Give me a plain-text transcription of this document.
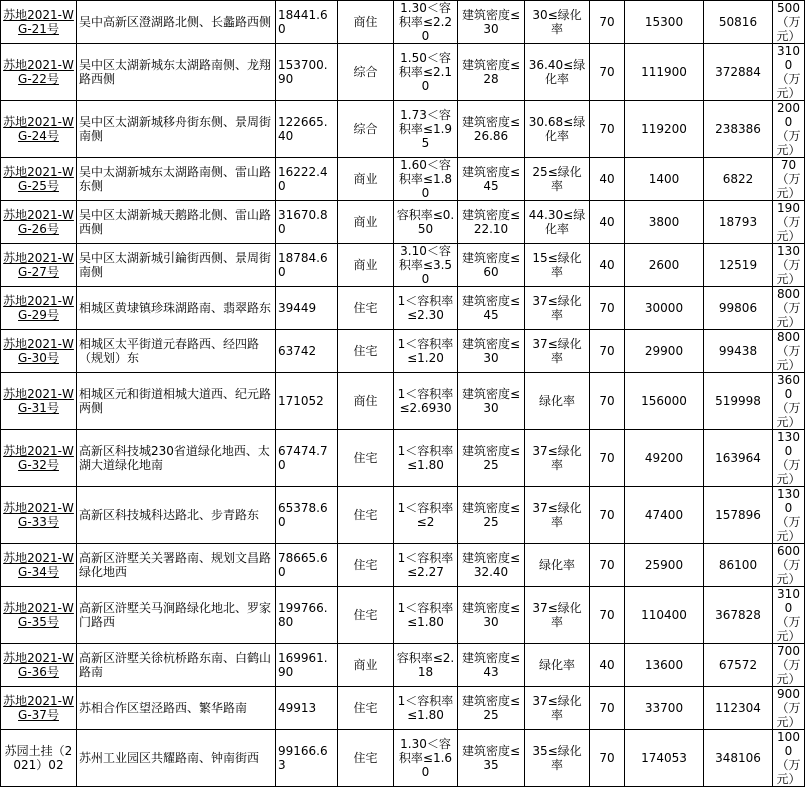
苏地2021-WG-21号	吴中高新区澄湖路北侧、长蠡路西侧	18441.60	商住	1.30＜容积率≤2.20	建筑密度≤30	30≤绿化率	70	15300	50816	500（万元）
苏地2021-WG-22号	吴中区太湖新城东太湖路南侧、龙翔路西侧	153700.90	综合	1.50＜容积率≤2.10	建筑密度≤28	36.40≤绿化率	70	111900	372884	3100（万元）
苏地2021-WG-24号	吴中区太湖新城移舟街东侧、景周街南侧	122665.40	综合	1.73＜容积率≤1.95	建筑密度≤26.86	30.68≤绿化率	70	119200	238386	2000（万元）
苏地2021-WG-25号	吴中太湖新城东太湖路南侧、雷山路东侧	16222.40	商业	1.60＜容积率≤1.80	建筑密度≤45	25≤绿化率	40	1400	6822	70（万元）
苏地2021-WG-26号	吴中区太湖新城天鹅路北侧、雷山路西侧	31670.80	商业	容积率≤0.50	建筑密度≤22.10	44.30≤绿化率	40	3800	18793	190（万元）
苏地2021-WG-27号	吴中区太湖新城引錀街西侧、景周街南侧	18784.60	商业	3.10＜容积率≤3.50	建筑密度≤60	15≤绿化率	40	2600	12519	130（万元）
苏地2021-WG-29号	相城区黄埭镇珍珠湖路南、翡翠路东	39449	住宅	1＜容积率≤2.30	建筑密度≤45	37≤绿化率	70	30000	99806	800（万元）
苏地2021-WG-30号	相城区太平街道元春路西、经四路（规划）东	63742	住宅	1＜容积率≤1.20	建筑密度≤30	37≤绿化率	70	29900	99438	800（万元）
苏地2021-WG-31号	相城区元和街道相城大道西、纪元路两侧	171052	商住	1＜容积率≤2.6930	建筑密度≤30	绿化率	70	156000	519998	3600（万元）
苏地2021-WG-32号	高新区科技城230省道绿化地西、太湖大道绿化地南	67474.70	住宅	1＜容积率≤1.80	建筑密度≤25	37≤绿化率	70	49200	163964	1300（万元）
苏地2021-WG-33号	高新区科技城科达路北、步青路东	65378.60	住宅	1＜容积率≤2	建筑密度≤25	37≤绿化率	70	47400	157896	1300（万元）
苏地2021-WG-34号	高新区浒墅关关署路南、规划文昌路绿化地西	78665.60	住宅	1＜容积率≤2.27	建筑密度≤32.40	绿化率	70	25900	86100	600（万元）
苏地2021-WG-35号	高新区浒墅关马涧路绿化地北、罗家门路西	199766.80	住宅	1＜容积率≤1.80	建筑密度≤30	37≤绿化率	70	110400	367828	3100（万元）
苏地2021-WG-36号	高新区浒墅关徐杭桥路东南、白鹤山路南	169961.90	商业	容积率≤2.18	建筑密度≤43	绿化率	40	13600	67572	700（万元）
苏地2021-WG-37号	苏相合作区望泾路西、繁华路南	49913	住宅	1＜容积率≤1.80	建筑密度≤25	37≤绿化率	70	33700	112304	900（万元）
苏园土挂（2021）02	苏州工业园区共耀路南、钟南街西	99166.63	住宅	1.30＜容积率≤1.60	建筑密度≤35	35≤绿化率	70	174053	348106	1000（万元）
